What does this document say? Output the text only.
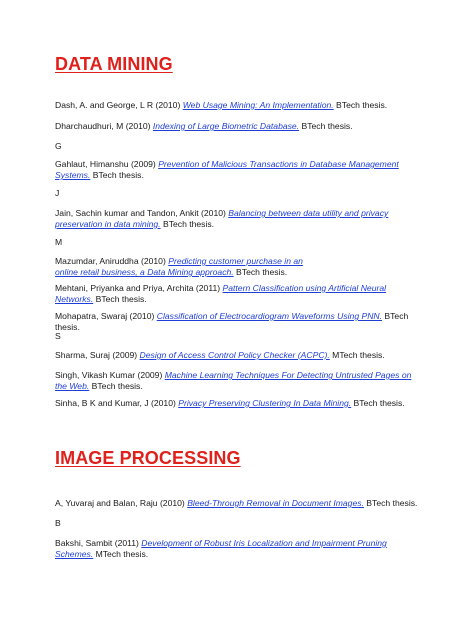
DATA MINING
Dash, A. and George, L R (2010) Web Usage Mining: An Implementation. BTech thesis.
Dharchaudhuri, M (2010) Indexing of Large Biometric Database. BTech thesis.
G
Gahlaut, Himanshu (2009) Prevention of Malicious Transactions in Database Management Systems. BTech thesis.
J
Jain, Sachin kumar and Tandon, Ankit (2010) Balancing between data utility and privacy preservation in data mining. BTech thesis.
M
Mazumdar, Aniruddha (2010) Predicting customer purchase in an online retail business, a Data Mining approach. BTech thesis.
Mehtani, Priyanka and Priya, Archita (2011) Pattern Classification using Artificial Neural Networks. BTech thesis.
Mohapatra, Swaraj (2010) Classification of Electrocardiogram Waveforms Using PNN. BTech thesis.
S
Sharma, Suraj (2009) Design of Access Control Policy Checker (ACPC). MTech thesis.
Singh, Vikash Kumar (2009) Machine Learning Techniques For Detecting Untrusted Pages on the Web. BTech thesis.
Sinha, B K and Kumar, J (2010) Privacy Preserving Clustering In Data Mining. BTech thesis.
IMAGE PROCESSING
A, Yuvaraj and Balan, Raju (2010) Bleed-Through Removal in Document Images. BTech thesis.
B
Bakshi, Sambit (2011) Development of Robust Iris Localization and Impairment Pruning Schemes. MTech thesis.
